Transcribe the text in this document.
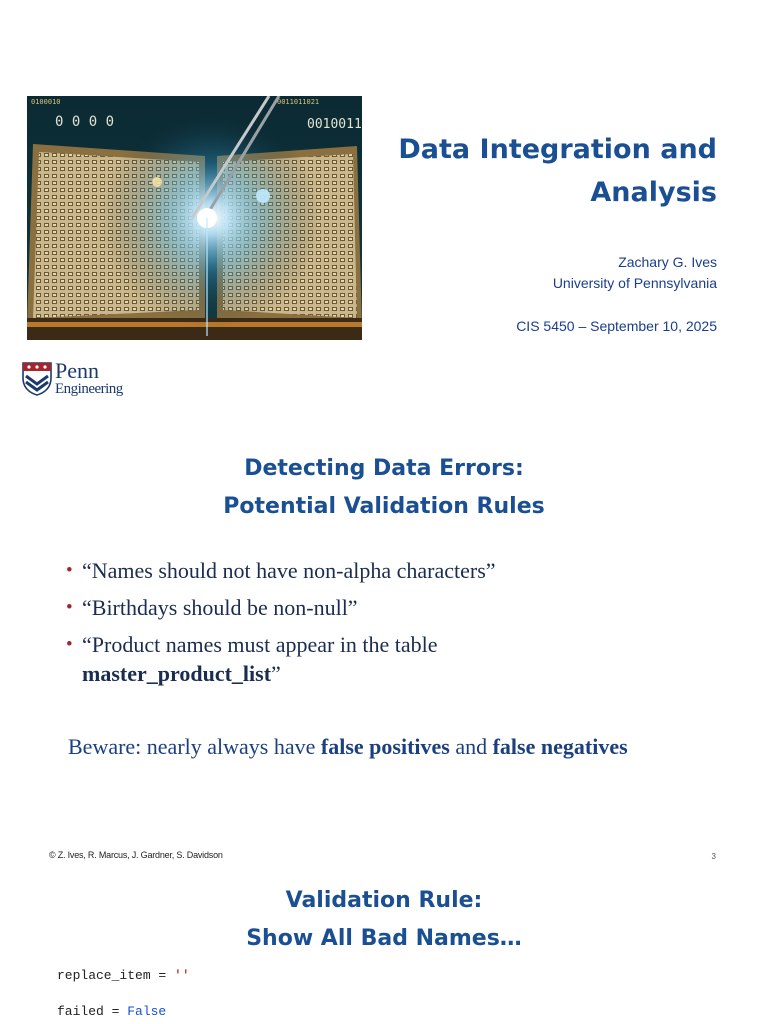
0100010
0 0 0 0
0011011021
0010011
Data Integration and
Analysis
Zachary G. Ives
University of Pennsylvania
CIS 5450 – September 10, 2025
Penn
Engineering
Detecting Data Errors:
Potential Validation Rules
• “Names should not have non-alpha characters”
• “Birthdays should be non-null”
• “Product names must appear in the table
master_product_list”

Beware: nearly always have false positives and false negatives

© Z. Ives, R. Marcus, J. Gardner, S. Davidson	3
Validation Rule:
Show All Bad Names…
replace_item = ''
failed = False
